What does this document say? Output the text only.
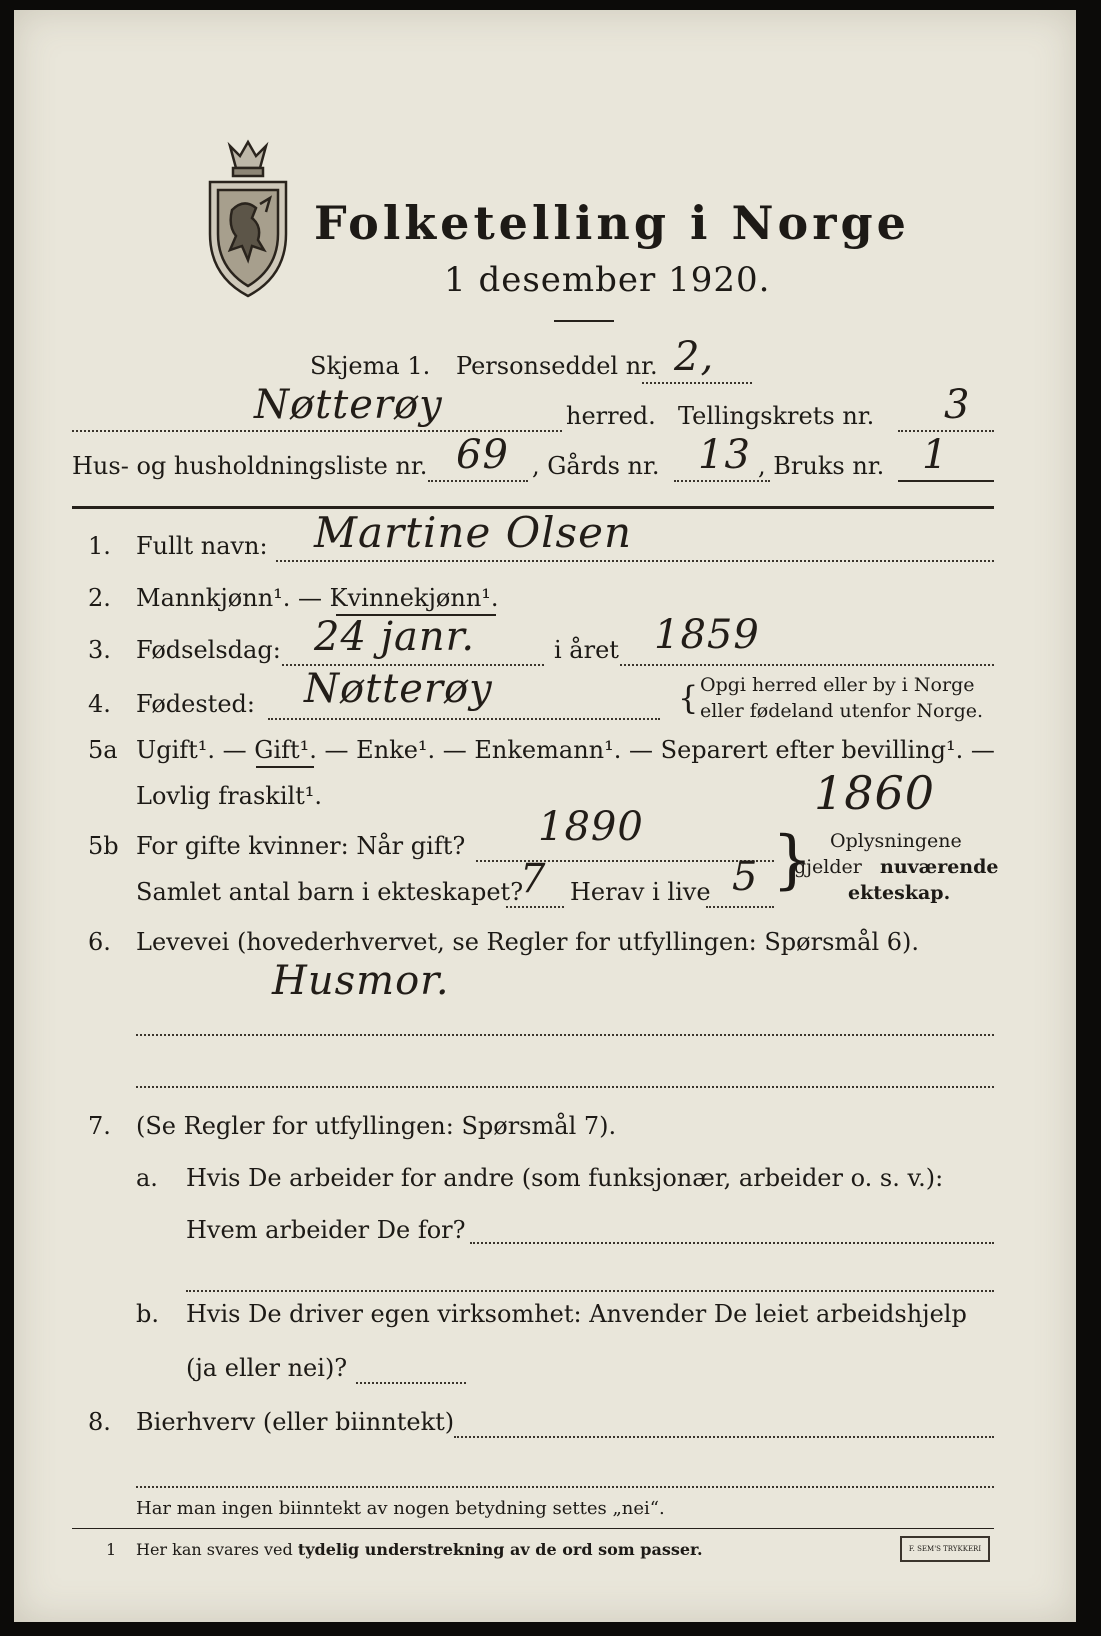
Folketelling i Norge
1 desember 1920.
Skjema 1. Personseddel nr. 2,
Nøtterøy	herred. Tellingskrets nr. 3
Hus- og husholdningsliste nr. 69 , Gårds nr. 13 , Bruks nr. 1
1. Fullt navn: Martine Olsen
2. Mannkjønn¹. — Kvinnekjønn¹.
3. Fødselsdag: 24 janr.	i året 1859
4. Fødested: Nøtterøy	{ Opgi herred eller by i Norge
eller fødeland utenfor Norge.
5a Ugift¹. — Gift¹. — Enke¹. — Enkemann¹. — Separert efter bevilling¹. —
Lovlig fraskilt¹.	1860
5b For gifte kvinner: Når gift? 1890
Samlet antal barn i ekteskapet?
7 Herav i live 5 } Oplysningene
gjelder nuværende
ekteskap.
6. Levevei (hovederhvervet, se Regler for utfyllingen: Spørsmål 6).
Husmor.
7. (Se Regler for utfyllingen: Spørsmål 7).
a. Hvis De arbeider for andre (som funksjonær, arbeider o. s. v.):
Hvem arbeider De for?
b. Hvis De driver egen virksomhet: Anvender De leiet arbeidshjelp
(ja eller nei)?
8. Bierhverv (eller biinntekt)
Har man ingen biinntekt av nogen betydning settes „nei“.
1 Her kan svares ved tydelig understrekning av de ord som passer.	F. SEM'S TRYKKERI
